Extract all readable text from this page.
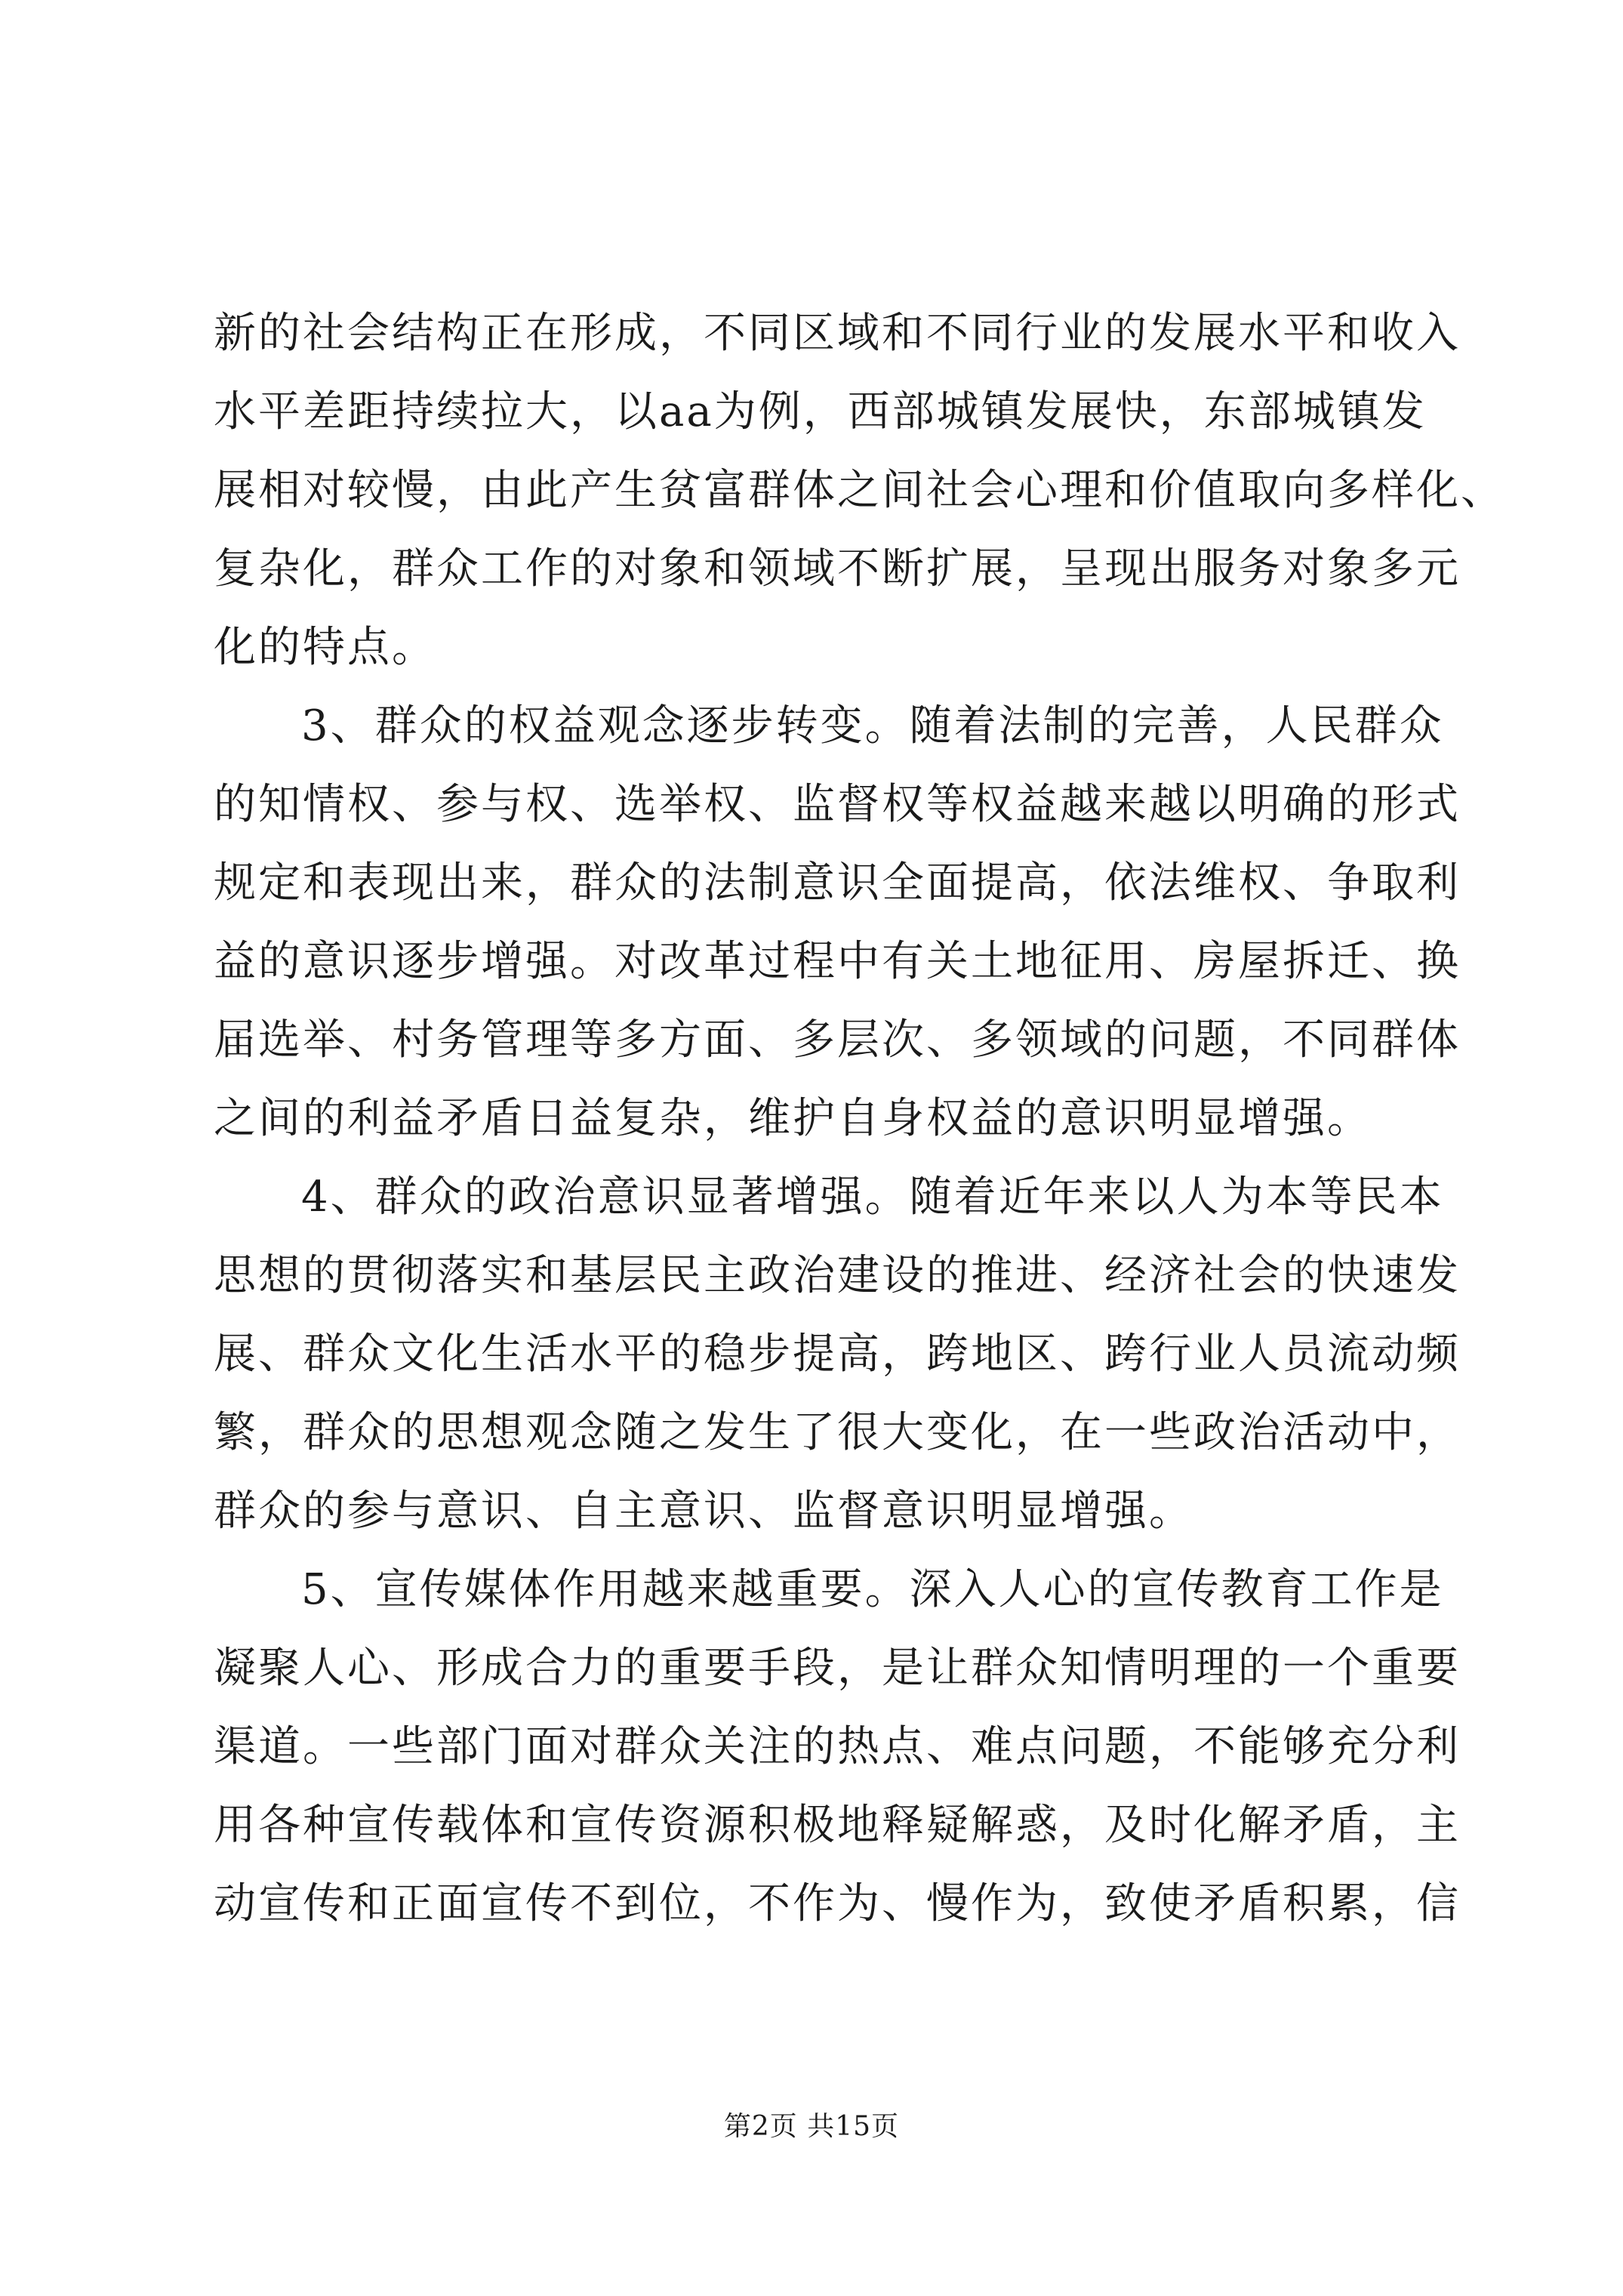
新的社会结构正在形成，不同区域和不同行业的发展水平和收入
水平差距持续拉大，以aa为例，西部城镇发展快，东部城镇发
展相对较慢，由此产生贫富群体之间社会心理和价值取向多样化、
复杂化，群众工作的对象和领域不断扩展，呈现出服务对象多元
化的特点。
3、群众的权益观念逐步转变。随着法制的完善，人民群众
的知情权、参与权、选举权、监督权等权益越来越以明确的形式
规定和表现出来，群众的法制意识全面提高，依法维权、争取利
益的意识逐步增强。对改革过程中有关土地征用、房屋拆迁、换
届选举、村务管理等多方面、多层次、多领域的问题，不同群体
之间的利益矛盾日益复杂，维护自身权益的意识明显增强。
4、群众的政治意识显著增强。随着近年来以人为本等民本
思想的贯彻落实和基层民主政治建设的推进、经济社会的快速发
展、群众文化生活水平的稳步提高，跨地区、跨行业人员流动频
繁，群众的思想观念随之发生了很大变化，在一些政治活动中，
群众的参与意识、自主意识、监督意识明显增强。
5、宣传媒体作用越来越重要。深入人心的宣传教育工作是
凝聚人心、形成合力的重要手段，是让群众知情明理的一个重要
渠道。一些部门面对群众关注的热点、难点问题，不能够充分利
用各种宣传载体和宣传资源积极地释疑解惑，及时化解矛盾，主
动宣传和正面宣传不到位，不作为、慢作为，致使矛盾积累，信
第2页 共15页
